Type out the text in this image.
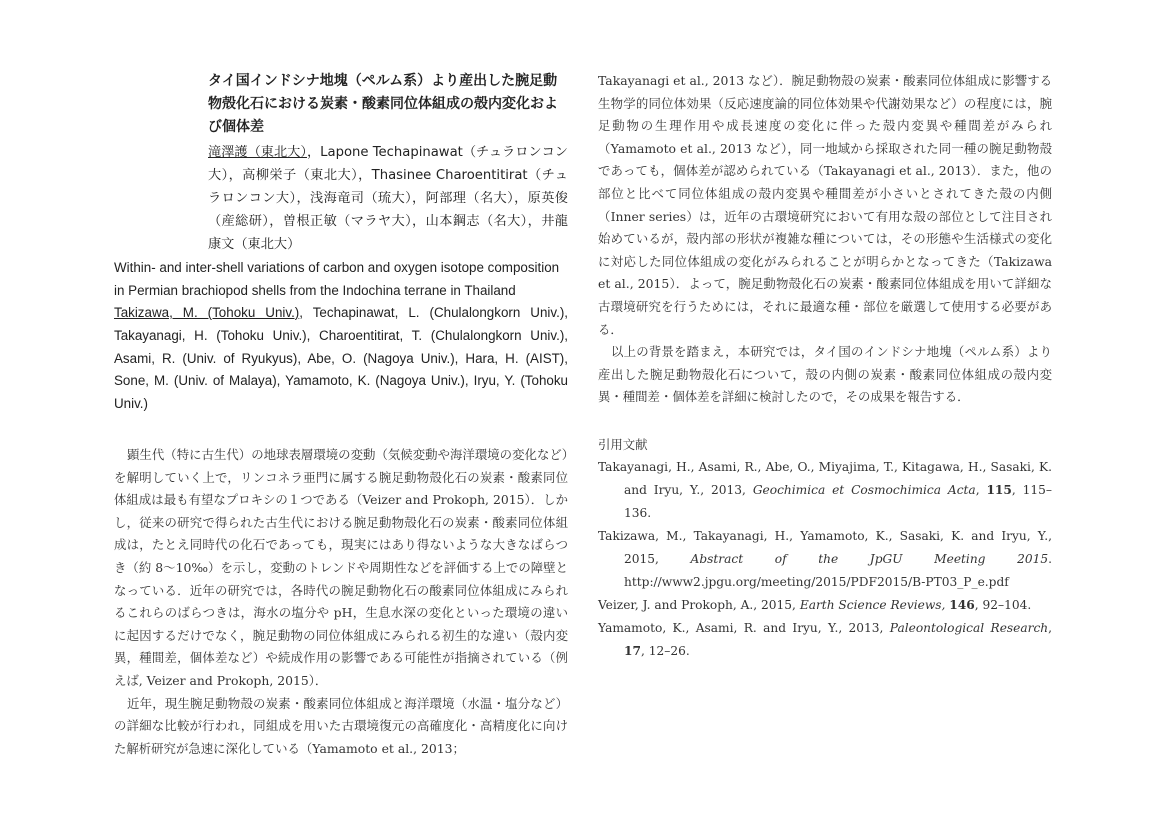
タイ国インドシナ地塊（ペルム系）より産出した腕足動物殻化石における炭素・酸素同位体組成の殻内変化および個体差
滝澤護（東北大），Lapone Techapinawat（チュラロンコン大），高柳栄子（東北大），Thasinee Charoentitirat（チュラロンコン大），浅海竜司（琉大），阿部理（名大），原英俊（産総研），曽根正敏（マラヤ大），山本鋼志（名大），井龍康文（東北大）
Within- and inter-shell variations of carbon and oxygen isotope composition in Permian brachiopod shells from the Indochina terrane in Thailand
Takizawa, M. (Tohoku Univ.), Techapinawat, L. (Chulalongkorn Univ.), Takayanagi, H. (Tohoku Univ.), Charoentitirat, T. (Chulalongkorn Univ.), Asami, R. (Univ. of Ryukyus), Abe, O. (Nagoya Univ.), Hara, H. (AIST), Sone, M. (Univ. of Malaya), Yamamoto, K. (Nagoya Univ.), Iryu, Y. (Tohoku Univ.)

顕生代（特に古生代）の地球表層環境の変動（気候変動や海洋環境の変化など）を解明していく上で，リンコネラ亜門に属する腕足動物殻化石の炭素・酸素同位体組成は最も有望なプロキシの１つである（Veizer and Prokoph, 2015）．しかし，従来の研究で得られた古生代における腕足動物殻化石の炭素・酸素同位体組成は，たとえ同時代の化石であっても，現実にはあり得ないような大きなばらつき（約 8〜10‰）を示し，変動のトレンドや周期性などを評価する上での障壁となっている．近年の研究では，各時代の腕足動物化石の酸素同位体組成にみられるこれらのばらつきは，海水の塩分や pH，生息水深の変化といった環境の違いに起因するだけでなく，腕足動物の同位体組成にみられる初生的な違い（殻内変異，種間差，個体差など）や続成作用の影響である可能性が指摘されている（例えば, Veizer and Prokoph, 2015）．

近年，現生腕足動物殻の炭素・酸素同位体組成と海洋環境（水温・塩分など）の詳細な比較が行われ，同組成を用いた古環境復元の高確度化・高精度化に向けた解析研究が急速に深化している（Yamamoto et al., 2013；

Takayanagi et al., 2013 など）．腕足動物殻の炭素・酸素同位体組成に影響する生物学的同位体効果（反応速度論的同位体効果や代謝効果など）の程度には，腕足動物の生理作用や成長速度の変化に伴った殻内変異や種間差がみられ（Yamamoto et al., 2013 など），同一地域から採取された同一種の腕足動物殻であっても，個体差が認められている（Takayanagi et al., 2013）．また，他の部位と比べて同位体組成の殻内変異や種間差が小さいとされてきた殻の内側（Inner series）は，近年の古環境研究において有用な殻の部位として注目され始めているが，殻内部の形状が複雑な種については，その形態や生活様式の変化に対応した同位体組成の変化がみられることが明らかとなってきた（Takizawa et al., 2015）．よって，腕足動物殻化石の炭素・酸素同位体組成を用いて詳細な古環境研究を行うためには，それに最適な種・部位を厳選して使用する必要がある．

以上の背景を踏まえ，本研究では，タイ国のインドシナ地塊（ペルム系）より産出した腕足動物殻化石について，殻の内側の炭素・酸素同位体組成の殻内変異・種間差・個体差を詳細に検討したので，その成果を報告する．

引用文献
Takayanagi, H., Asami, R., Abe, O., Miyajima, T., Kitagawa, H., Sasaki, K. and Iryu, Y., 2013, Geochimica et Cosmochimica Acta, 115, 115–136.
Takizawa, M., Takayanagi, H., Yamamoto, K., Sasaki, K. and Iryu, Y., 2015,	Abstract of the JpGU Meeting 2015. http://www2.jpgu.org/meeting/2015/PDF2015/B-PT03_P_e.pdf
Veizer, J. and Prokoph, A., 2015, Earth Science Reviews, 146, 92–104.
Yamamoto, K., Asami, R. and Iryu, Y., 2013, Paleontological Research, 17, 12–26.
